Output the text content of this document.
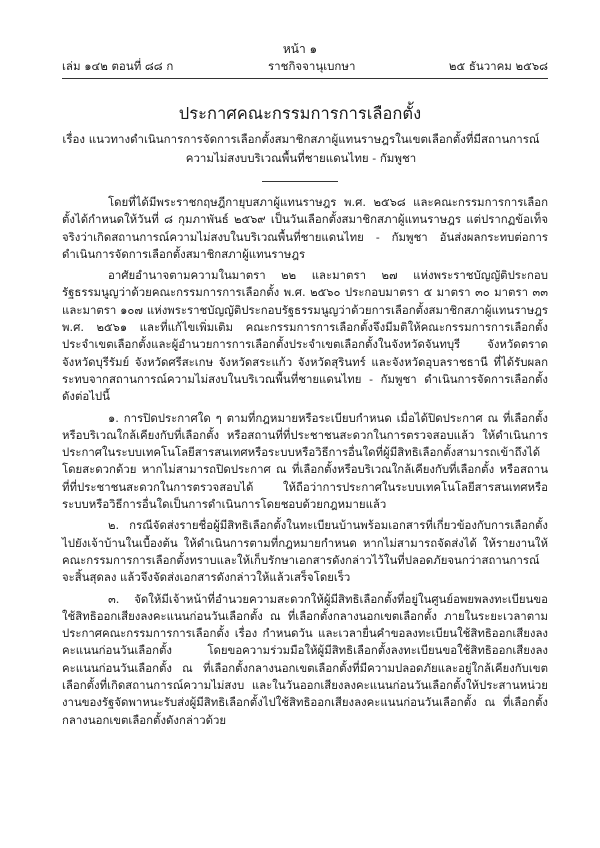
หน้า ๑
เล่ม ๑๔๒ ตอนที่ ๘๘ ก	ราชกิจจานุเบกษา	๒๕ ธันวาคม ๒๕๖๘
ประกาศคณะกรรมการการเลือกตั้ง
เรื่อง แนวทางดำเนินการการจัดการเลือกตั้งสมาชิกสภาผู้แทนราษฎรในเขตเลือกตั้งที่มีสถานการณ์ความไม่สงบบริเวณพื้นที่ชายแดนไทย - กัมพูชา

โดยที่ได้มีพระราชกฤษฎีกายุบสภาผู้แทนราษฎร พ.ศ. ๒๕๖๘ และคณะกรรมการการเลือกตั้งได้กำหนดให้วันที่ ๘ กุมภาพันธ์ ๒๕๖๙ เป็นวันเลือกตั้งสมาชิกสภาผู้แทนราษฎร แต่ปรากฏข้อเท็จจริงว่าเกิดสถานการณ์ความไม่สงบในบริเวณพื้นที่ชายแดนไทย - กัมพูชา อันส่งผลกระทบต่อการดำเนินการจัดการเลือกตั้งสมาชิกสภาผู้แทนราษฎร

อาศัยอำนาจตามความในมาตรา ๒๒ และมาตรา ๒๗ แห่งพระราชบัญญัติประกอบรัฐธรรมนูญว่าด้วยคณะกรรมการการเลือกตั้ง พ.ศ. ๒๕๖๐ ประกอบมาตรา ๕ มาตรา ๓๐ มาตรา ๓๓ และมาตรา ๑๐๗ แห่งพระราชบัญญัติประกอบรัฐธรรมนูญว่าด้วยการเลือกตั้งสมาชิกสภาผู้แทนราษฎร พ.ศ. ๒๕๖๑ และที่แก้ไขเพิ่มเติม คณะกรรมการการเลือกตั้งจึงมีมติให้คณะกรรมการการเลือกตั้งประจำเขตเลือกตั้งและผู้อำนวยการการเลือกตั้งประจำเขตเลือกตั้งในจังหวัดจันทบุรี จังหวัดตราด จังหวัดบุรีรัมย์ จังหวัดศรีสะเกษ จังหวัดสระแก้ว จังหวัดสุรินทร์ และจังหวัดอุบลราชธานี ที่ได้รับผลกระทบจากสถานการณ์ความไม่สงบในบริเวณพื้นที่ชายแดนไทย - กัมพูชา ดำเนินการจัดการเลือกตั้ง ดังต่อไปนี้

๑. การปิดประกาศใด ๆ ตามที่กฎหมายหรือระเบียบกำหนด เมื่อได้ปิดประกาศ ณ ที่เลือกตั้งหรือบริเวณใกล้เคียงกับที่เลือกตั้ง หรือสถานที่ที่ประชาชนสะดวกในการตรวจสอบแล้ว ให้ดำเนินการประกาศในระบบเทคโนโลยีสารสนเทศหรือระบบหรือวิธีการอื่นใดที่ผู้มีสิทธิเลือกตั้งสามารถเข้าถึงได้โดยสะดวกด้วย หากไม่สามารถปิดประกาศ ณ ที่เลือกตั้งหรือบริเวณใกล้เคียงกับที่เลือกตั้ง หรือสถานที่ที่ประชาชนสะดวกในการตรวจสอบได้ ให้ถือว่าการประกาศในระบบเทคโนโลยีสารสนเทศหรือระบบหรือวิธีการอื่นใดเป็นการดำเนินการโดยชอบด้วยกฎหมายแล้ว

๒. กรณีจัดส่งรายชื่อผู้มีสิทธิเลือกตั้งในทะเบียนบ้านพร้อมเอกสารที่เกี่ยวข้องกับการเลือกตั้งไปยังเจ้าบ้านในเบื้องต้น ให้ดำเนินการตามที่กฎหมายกำหนด หากไม่สามารถจัดส่งได้ ให้รายงานให้คณะกรรมการการเลือกตั้งทราบและให้เก็บรักษาเอกสารดังกล่าวไว้ในที่ปลอดภัยจนกว่าสถานการณ์จะสิ้นสุดลง แล้วจึงจัดส่งเอกสารดังกล่าวให้แล้วเสร็จโดยเร็ว

๓. จัดให้มีเจ้าหน้าที่อำนวยความสะดวกให้ผู้มีสิทธิเลือกตั้งที่อยู่ในศูนย์อพยพลงทะเบียนขอใช้สิทธิออกเสียงลงคะแนนก่อนวันเลือกตั้ง ณ ที่เลือกตั้งกลางนอกเขตเลือกตั้ง ภายในระยะเวลาตามประกาศคณะกรรมการการเลือกตั้ง เรื่อง กำหนดวัน และเวลายื่นคำขอลงทะเบียนใช้สิทธิออกเสียงลงคะแนนก่อนวันเลือกตั้ง โดยขอความร่วมมือให้ผู้มีสิทธิเลือกตั้งลงทะเบียนขอใช้สิทธิออกเสียงลงคะแนนก่อนวันเลือกตั้ง ณ ที่เลือกตั้งกลางนอกเขตเลือกตั้งที่มีความปลอดภัยและอยู่ใกล้เคียงกับเขตเลือกตั้งที่เกิดสถานการณ์ความไม่สงบ และในวันออกเสียงลงคะแนนก่อนวันเลือกตั้งให้ประสานหน่วยงานของรัฐจัดพาหนะรับส่งผู้มีสิทธิเลือกตั้งไปใช้สิทธิออกเสียงลงคะแนนก่อนวันเลือกตั้ง ณ ที่เลือกตั้งกลางนอกเขตเลือกตั้งดังกล่าวด้วย
